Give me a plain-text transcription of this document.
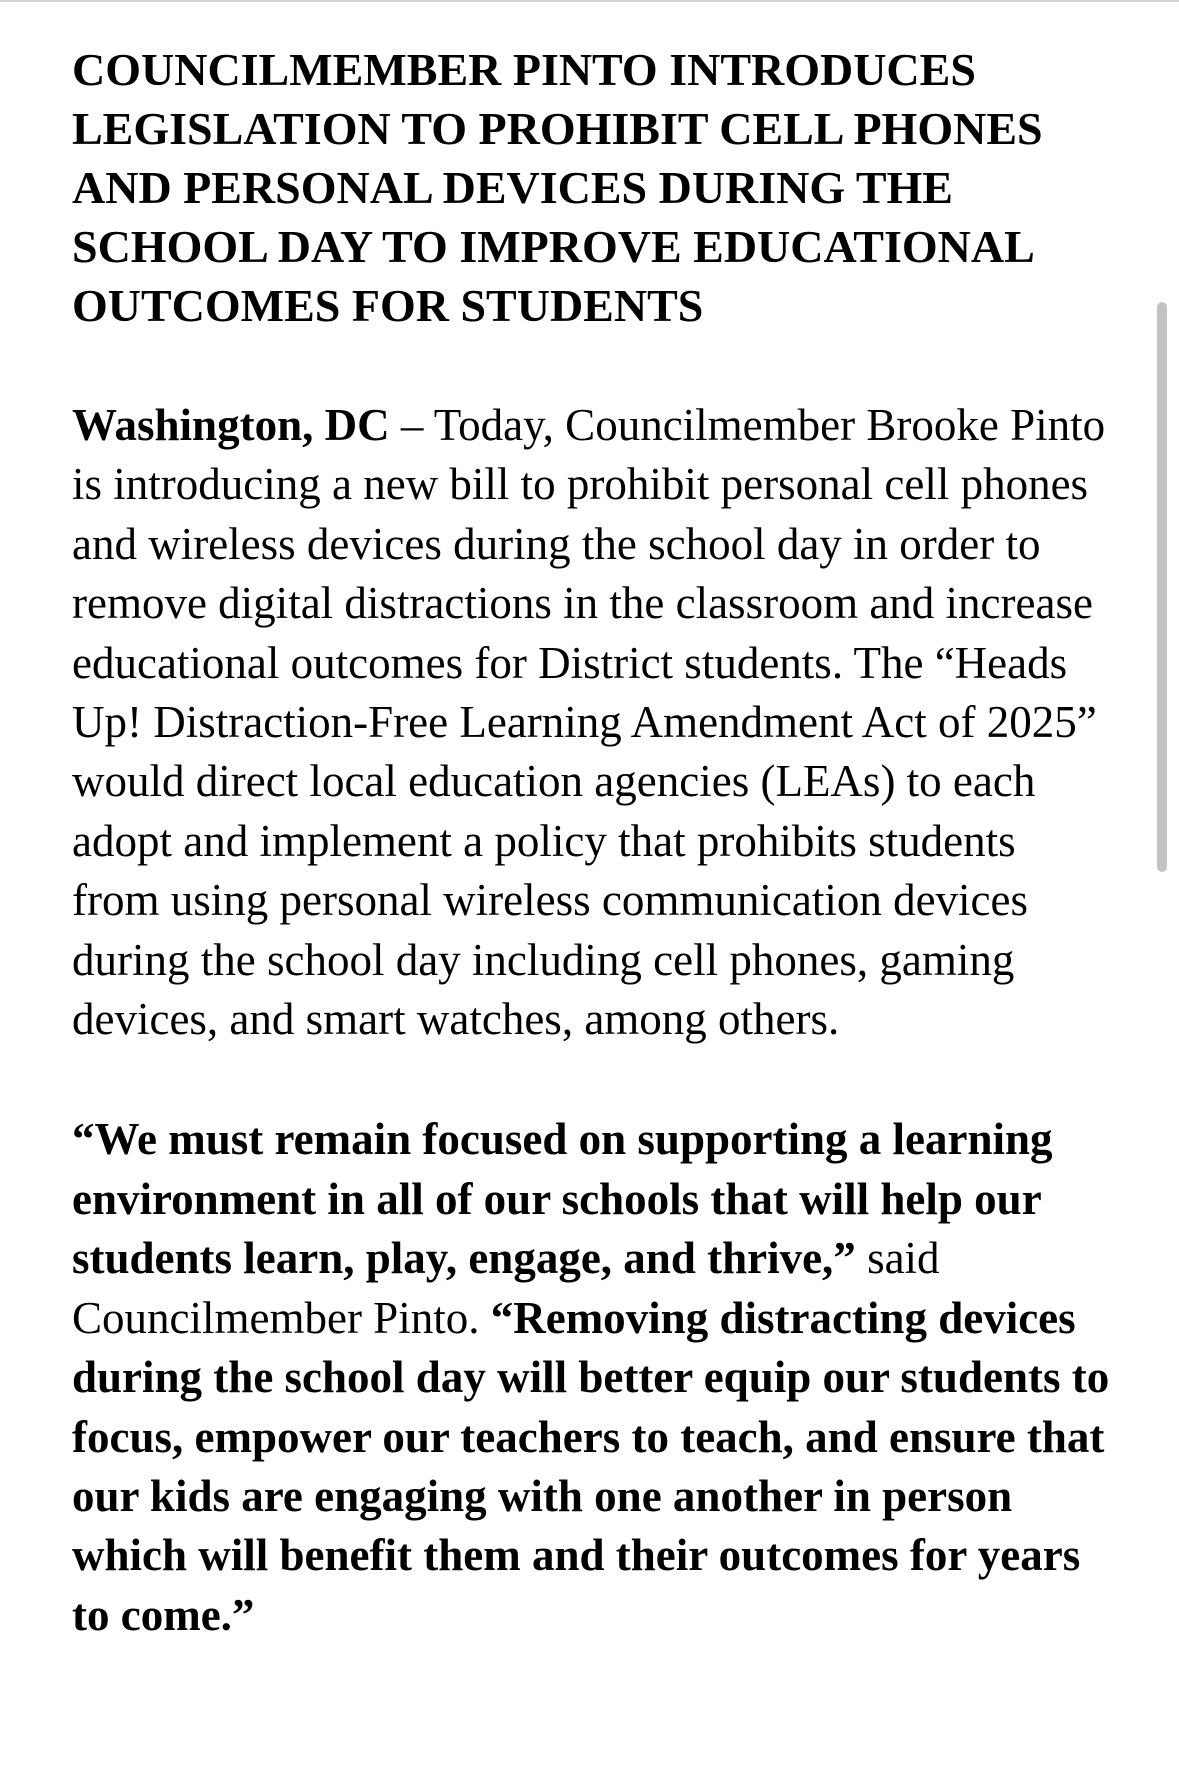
COUNCILMEMBER PINTO INTRODUCES LEGISLATION TO PROHIBIT CELL PHONES AND PERSONAL DEVICES DURING THE SCHOOL DAY TO IMPROVE EDUCATIONAL OUTCOMES FOR STUDENTS

Washington, DC – Today, Councilmember Brooke Pinto is introducing a new bill to prohibit personal cell phones and wireless devices during the school day in order to remove digital distractions in the classroom and increase educational outcomes for District students. The “Heads Up! Distraction-Free Learning Amendment Act of 2025” would direct local education agencies (LEAs) to each adopt and implement a policy that prohibits students from using personal wireless communication devices during the school day including cell phones, gaming devices, and smart watches, among others.

“We must remain focused on supporting a learning environment in all of our schools that will help our students learn, play, engage, and thrive,” said Councilmember Pinto. “Removing distracting devices during the school day will better equip our students to focus, empower our teachers to teach, and ensure that our kids are engaging with one another in person which will benefit them and their outcomes for years to come.”
